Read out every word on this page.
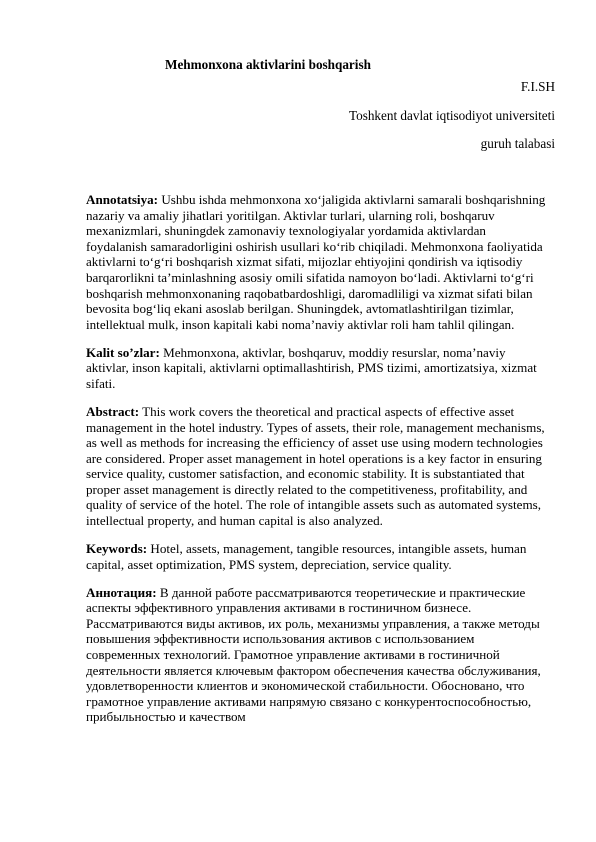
Mehmonxona aktivlarini boshqarish
F.I.SH
Toshkent davlat iqtisodiyot universiteti
guruh talabasi

Annotatsiya: Ushbu ishda mehmonxona xo‘jaligida aktivlarni samarali boshqarishning nazariy va amaliy jihatlari yoritilgan. Aktivlar turlari, ularning roli, boshqaruv mexanizmlari, shuningdek zamonaviy texnologiyalar yordamida aktivlardan foydalanish samaradorligini oshirish usullari ko‘rib chiqiladi. Mehmonxona faoliyatida aktivlarni to‘g‘ri boshqarish xizmat sifati, mijozlar ehtiyojini qondirish va iqtisodiy barqarorlikni ta’minlashning asosiy omili sifatida namoyon bo‘ladi. Aktivlarni to‘g‘ri boshqarish mehmonxonaning raqobatbardoshligi, daromadliligi va xizmat sifati bilan bevosita bog‘liq ekani asoslab berilgan. Shuningdek, avtomatlashtirilgan tizimlar, intellektual mulk, inson kapitali kabi noma’naviy aktivlar roli ham tahlil qilingan.

Kalit so’zlar: Mehmonxona, aktivlar, boshqaruv, moddiy resurslar, noma’naviy aktivlar, inson kapitali, aktivlarni optimallashtirish, PMS tizimi, amortizatsiya, xizmat sifati.

Abstract: This work covers the theoretical and practical aspects of effective asset management in the hotel industry. Types of assets, their role, management mechanisms, as well as methods for increasing the efficiency of asset use using modern technologies are considered. Proper asset management in hotel operations is a key factor in ensuring service quality, customer satisfaction, and economic stability. It is substantiated that proper asset management is directly related to the competitiveness, profitability, and quality of service of the hotel. The role of intangible assets such as automated systems, intellectual property, and human capital is also analyzed.

Keywords: Hotel, assets, management, tangible resources, intangible assets, human capital, asset optimization, PMS system, depreciation, service quality.

Аннотация: В данной работе рассматриваются теоретические и практические аспекты эффективного управления активами в гостиничном бизнесе. Рассматриваются виды активов, их роль, механизмы управления, а также методы повышения эффективности использования активов с использованием современных технологий. Грамотное управление активами в гостиничной деятельности является ключевым фактором обеспечения качества обслуживания, удовлетворенности клиентов и экономической стабильности. Обосновано, что грамотное управление активами напрямую связано с конкурентоспособностью, прибыльностью и качеством
